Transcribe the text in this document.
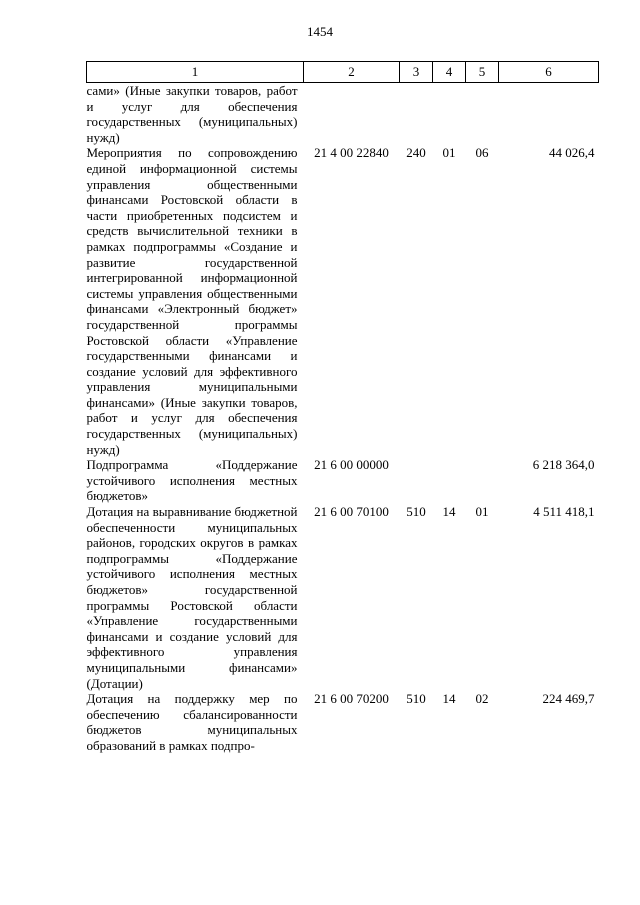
1454
1	2	3	4	5	6
сами» (Иные закупки товаров, работ и услуг для обеспечения государственных (муниципальных) нужд)					
Мероприятия по сопровождению единой информационной системы управления общественными финансами Ростовской области в части приобретенных подсистем и средств вычислительной техники в рамках подпрограммы «Создание и развитие государственной интегрированной информационной системы управления общественными финансами «Электронный бюджет» государственной программы Ростовской области «Управление государственными финансами и создание условий для эффективного управления муниципальными финансами» (Иные закупки товаров, работ и услуг для обеспечения государственных (муниципальных) нужд)	21 4 00 22840	240	01	06	44 026,4
Подпрограмма «Поддержание устойчивого исполнения местных бюджетов»	21 6 00 00000				6 218 364,0
Дотация на выравнивание бюджетной обеспеченности муниципальных районов, городских округов в рамках подпрограммы «Поддержание устойчивого исполнения местных бюджетов» государственной программы Ростовской области «Управление государственными финансами и создание условий для эффективного управления муниципальными финансами» (Дотации)	21 6 00 70100	510	14	01	4 511 418,1
Дотация на поддержку мер по обеспечению сбалансированности бюджетов муниципальных образований в рамках подпро-	21 6 00 70200	510	14	02	224 469,7
